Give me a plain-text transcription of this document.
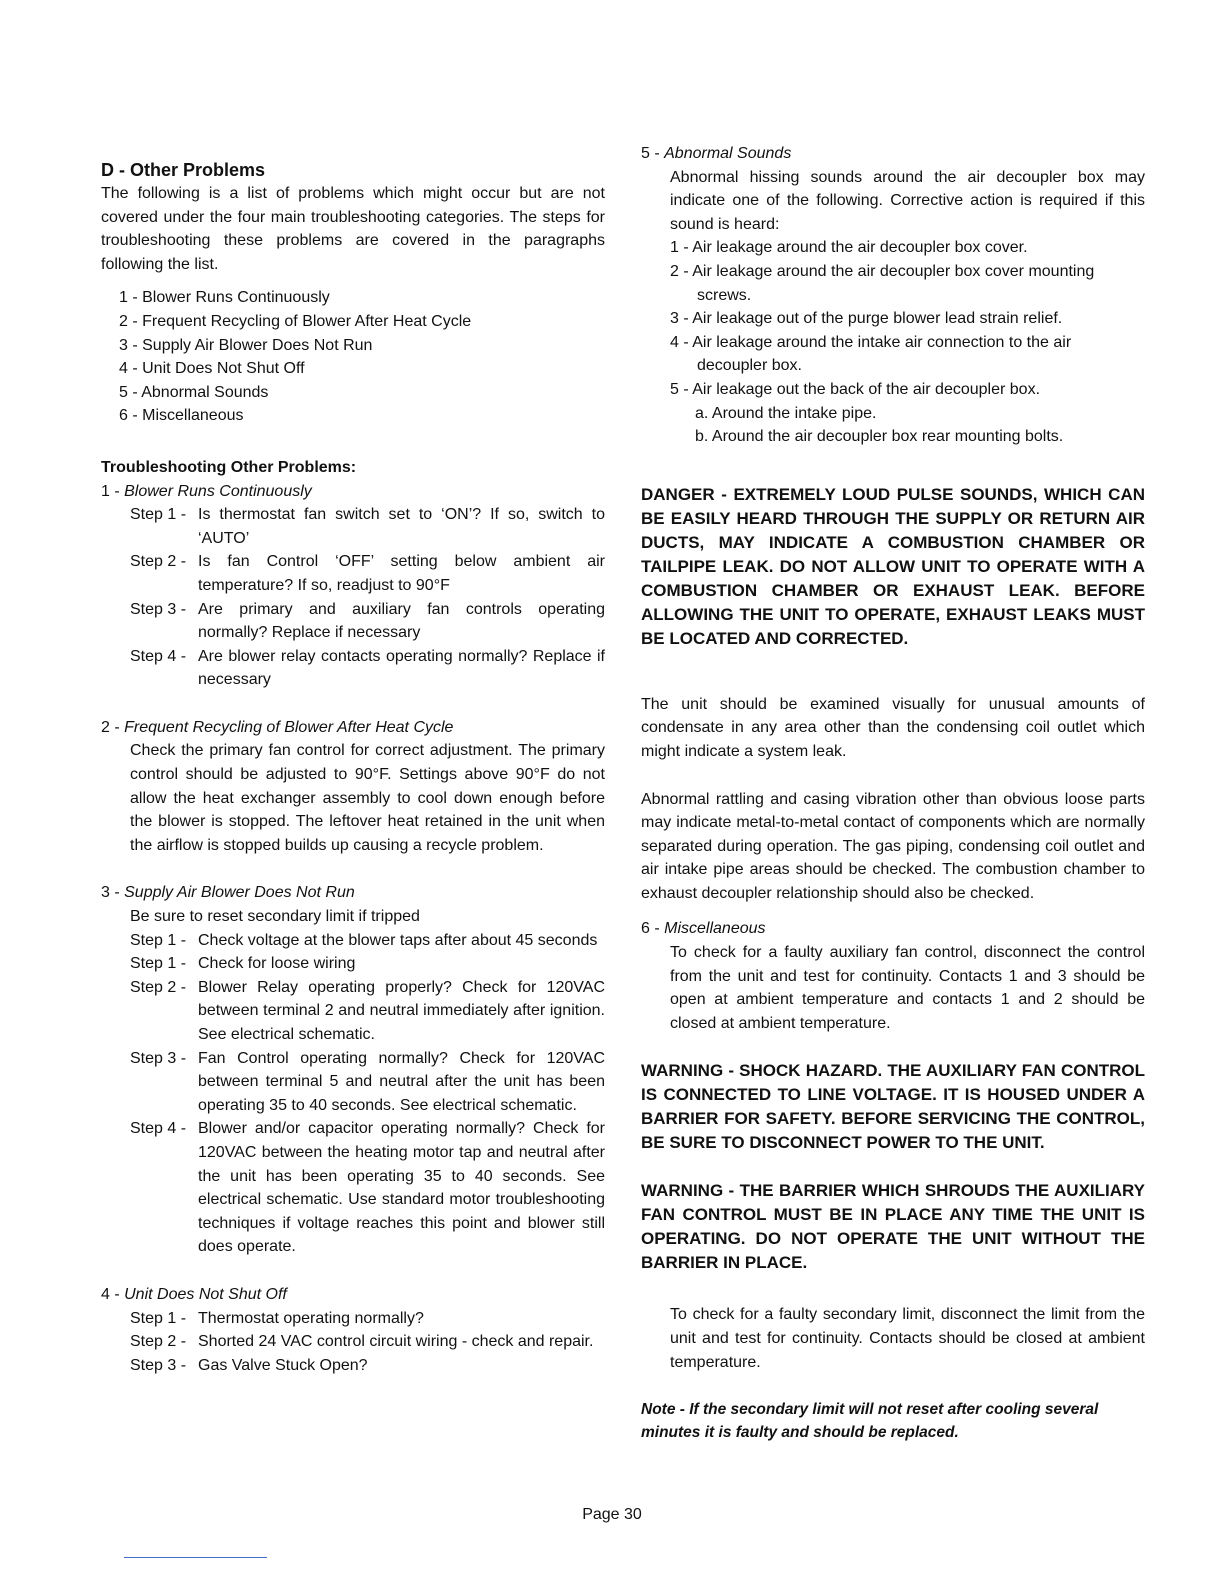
D - Other Problems

The following is a list of problems which might occur but are not covered under the four main troubleshooting categories. The steps for troubleshooting these problems are covered in the paragraphs following the list.

1 - Blower Runs Continuously

2 - Frequent Recycling of Blower After Heat Cycle

3 - Supply Air Blower Does Not Run

4 - Unit Does Not Shut Off

5 - Abnormal Sounds

6 - Miscellaneous

Troubleshooting Other Problems:

1 - Blower Runs Continuously

Step 1 - Is thermostat fan switch set to ‘ON’? If so, switch to ‘AUTO’

Step 2 - Is fan Control ‘OFF’ setting below ambient air temperature? If so, readjust to 90°F

Step 3 - Are primary and auxiliary fan controls operating normally? Replace if necessary

Step 4 - Are blower relay contacts operating normally? Replace if necessary

2 - Frequent Recycling of Blower After Heat Cycle

Check the primary fan control for correct adjustment. The primary control should be adjusted to 90°F. Settings above 90°F do not allow the heat exchanger assembly to cool down enough before the blower is stopped. The leftover heat retained in the unit when the airflow is stopped builds up causing a recycle problem.

3 - Supply Air Blower Does Not Run

Be sure to reset secondary limit if tripped

Step 1 - Check voltage at the blower taps after about 45 seconds

Step 1 - Check for loose wiring

Step 2 - Blower Relay operating properly? Check for 120VAC between terminal 2 and neutral immediately after ignition. See electrical schematic.

Step 3 - Fan Control operating normally? Check for 120VAC between terminal 5 and neutral after the unit has been operating 35 to 40 seconds. See electrical schematic.

Step 4 - Blower and/or capacitor operating normally? Check for 120VAC between the heating motor tap and neutral after the unit has been operating 35 to 40 seconds. See electrical schematic. Use standard motor troubleshooting techniques if voltage reaches this point and blower still does operate.

4 - Unit Does Not Shut Off

Step 1 - Thermostat operating normally?

Step 2 - Shorted 24 VAC control circuit wiring - check and repair.

Step 3 - Gas Valve Stuck Open?

5 - Abnormal Sounds

Abnormal hissing sounds around the air decoupler box may indicate one of the following. Corrective action is required if this sound is heard:

1 - Air leakage around the air decoupler box cover.

2 - Air leakage around the air decoupler box cover mounting screws.

3 - Air leakage out of the purge blower lead strain relief.

4 - Air leakage around the intake air connection to the air decoupler box.

5 - Air leakage out the back of the air decoupler box.

a. Around the intake pipe.

b. Around the air decoupler box rear mounting bolts.

DANGER - EXTREMELY LOUD PULSE SOUNDS, WHICH CAN BE EASILY HEARD THROUGH THE SUPPLY OR RETURN AIR DUCTS, MAY INDICATE A COMBUSTION CHAMBER OR TAILPIPE LEAK. DO NOT ALLOW UNIT TO OPERATE WITH A COMBUSTION CHAMBER OR EXHAUST LEAK. BEFORE ALLOWING THE UNIT TO OPERATE, EXHAUST LEAKS MUST BE LOCATED AND CORRECTED.

The unit should be examined visually for unusual amounts of condensate in any area other than the condensing coil outlet which might indicate a system leak.

Abnormal rattling and casing vibration other than obvious loose parts may indicate metal-to-metal contact of components which are normally separated during operation. The gas piping, condensing coil outlet and air intake pipe areas should be checked. The combustion chamber to exhaust decoupler relationship should also be checked.

6 - Miscellaneous

To check for a faulty auxiliary fan control, disconnect the control from the unit and test for continuity. Contacts 1 and 3 should be open at ambient temperature and contacts 1 and 2 should be closed at ambient temperature.

WARNING - SHOCK HAZARD. THE AUXILIARY FAN CONTROL IS CONNECTED TO LINE VOLTAGE. IT IS HOUSED UNDER A BARRIER FOR SAFETY. BEFORE SERVICING THE CONTROL, BE SURE TO DISCONNECT POWER TO THE UNIT.

WARNING - THE BARRIER WHICH SHROUDS THE AUXILIARY FAN CONTROL MUST BE IN PLACE ANY TIME THE UNIT IS OPERATING. DO NOT OPERATE THE UNIT WITHOUT THE BARRIER IN PLACE.

To check for a faulty secondary limit, disconnect the limit from the unit and test for continuity. Contacts should be closed at ambient temperature.

Note - If the secondary limit will not reset after cooling several minutes it is faulty and should be replaced.

Page 30
